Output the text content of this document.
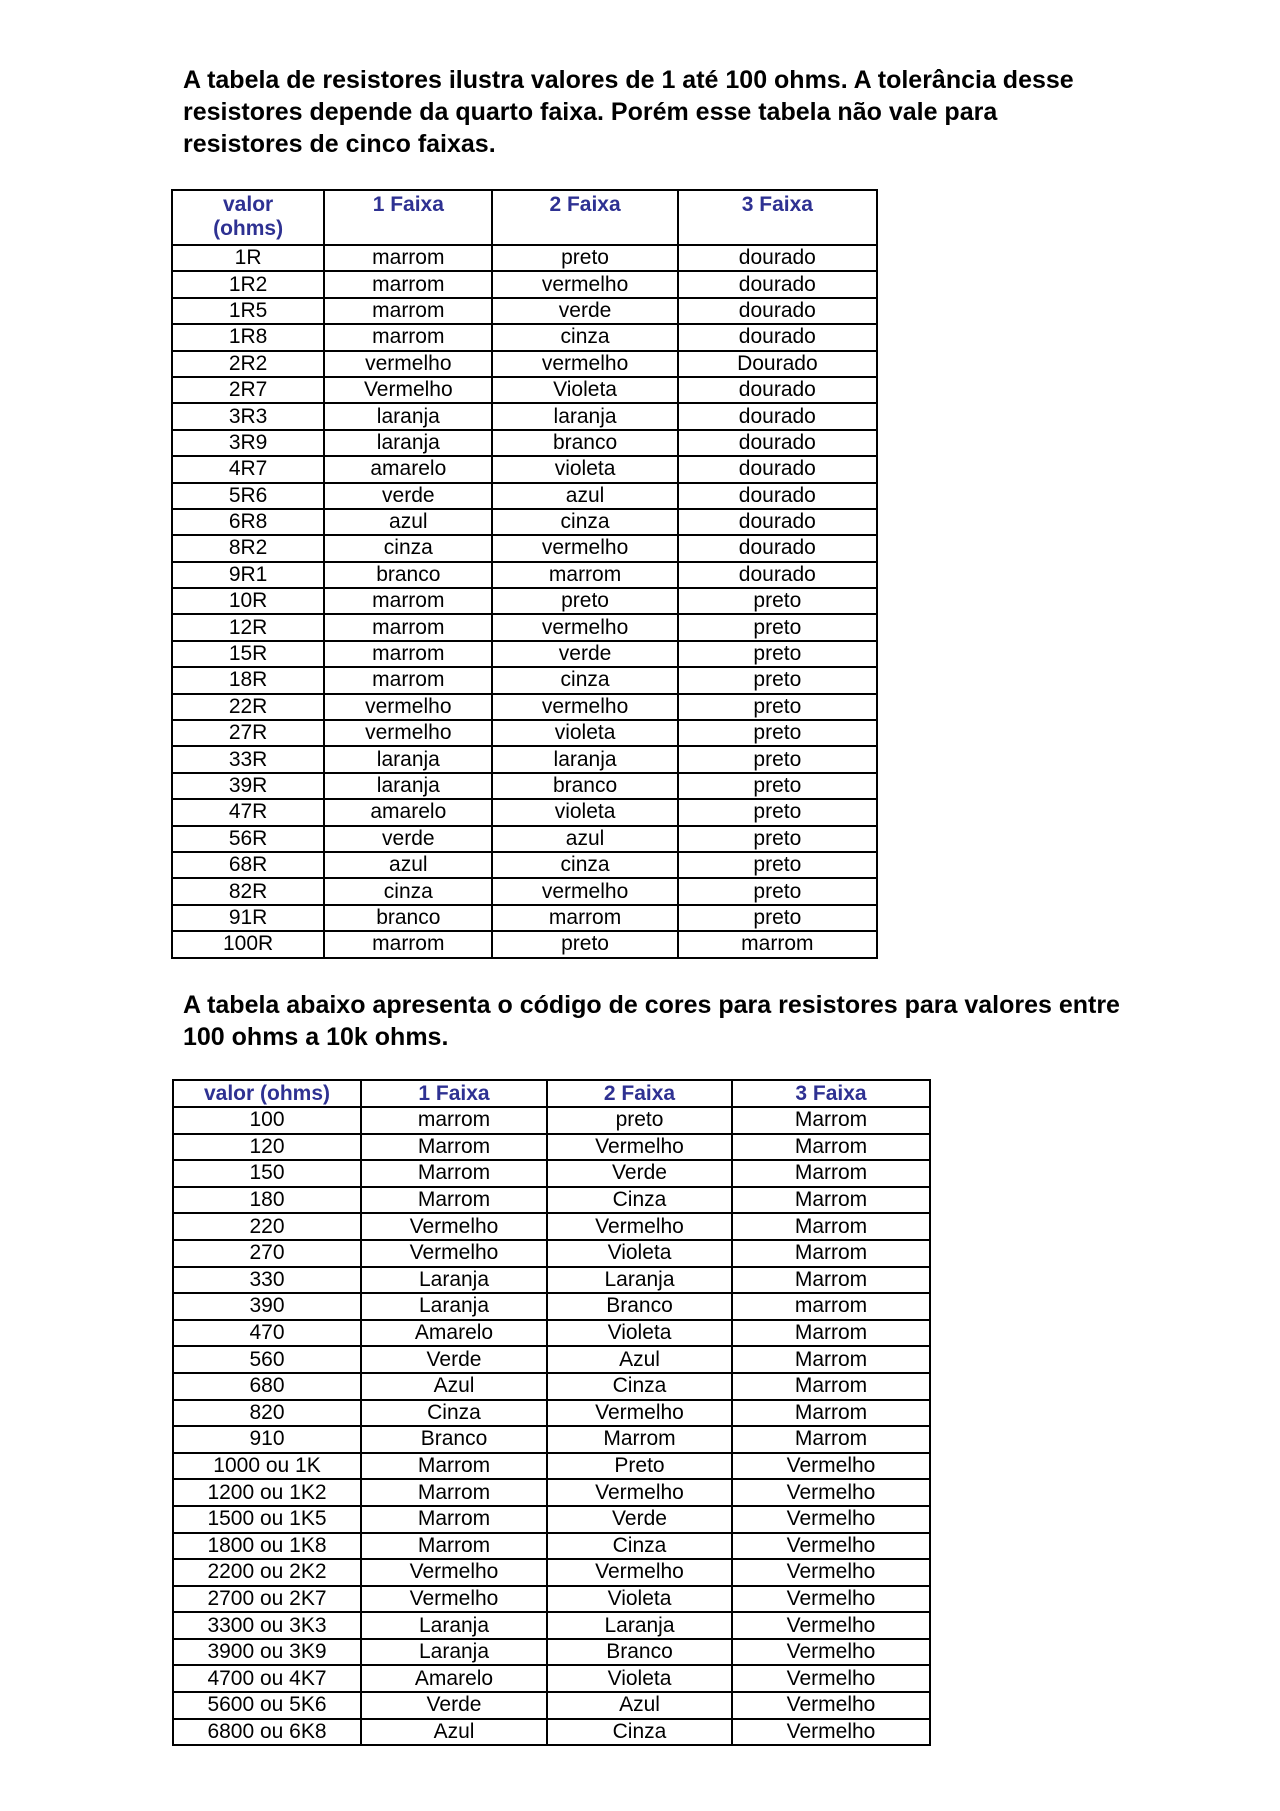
A tabela de resistores ilustra valores de 1 até 100 ohms. A tolerância desse resistores depende da quarto faixa. Porém esse tabela não vale para resistores de cinco faixas.

valor
(ohms)	1 Faixa	2 Faixa	3 Faixa
1R	marrom	preto	dourado
1R2	marrom	vermelho	dourado
1R5	marrom	verde	dourado
1R8	marrom	cinza	dourado
2R2	vermelho	vermelho	Dourado
2R7	Vermelho	Violeta	dourado
3R3	laranja	laranja	dourado
3R9	laranja	branco	dourado
4R7	amarelo	violeta	dourado
5R6	verde	azul	dourado
6R8	azul	cinza	dourado
8R2	cinza	vermelho	dourado
9R1	branco	marrom	dourado
10R	marrom	preto	preto
12R	marrom	vermelho	preto
15R	marrom	verde	preto
18R	marrom	cinza	preto
22R	vermelho	vermelho	preto
27R	vermelho	violeta	preto
33R	laranja	laranja	preto
39R	laranja	branco	preto
47R	amarelo	violeta	preto
56R	verde	azul	preto
68R	azul	cinza	preto
82R	cinza	vermelho	preto
91R	branco	marrom	preto
100R	marrom	preto	marrom

A tabela abaixo apresenta o código de cores para resistores para valores entre 100 ohms a 10k ohms.

valor (ohms)	1 Faixa	2 Faixa	3 Faixa
100	marrom	preto	Marrom
120	Marrom	Vermelho	Marrom
150	Marrom	Verde	Marrom
180	Marrom	Cinza	Marrom
220	Vermelho	Vermelho	Marrom
270	Vermelho	Violeta	Marrom
330	Laranja	Laranja	Marrom
390	Laranja	Branco	marrom
470	Amarelo	Violeta	Marrom
560	Verde	Azul	Marrom
680	Azul	Cinza	Marrom
820	Cinza	Vermelho	Marrom
910	Branco	Marrom	Marrom
1000 ou 1K	Marrom	Preto	Vermelho
1200 ou 1K2	Marrom	Vermelho	Vermelho
1500 ou 1K5	Marrom	Verde	Vermelho
1800 ou 1K8	Marrom	Cinza	Vermelho
2200 ou 2K2	Vermelho	Vermelho	Vermelho
2700 ou 2K7	Vermelho	Violeta	Vermelho
3300 ou 3K3	Laranja	Laranja	Vermelho
3900 ou 3K9	Laranja	Branco	Vermelho
4700 ou 4K7	Amarelo	Violeta	Vermelho
5600 ou 5K6	Verde	Azul	Vermelho
6800 ou 6K8	Azul	Cinza	Vermelho
